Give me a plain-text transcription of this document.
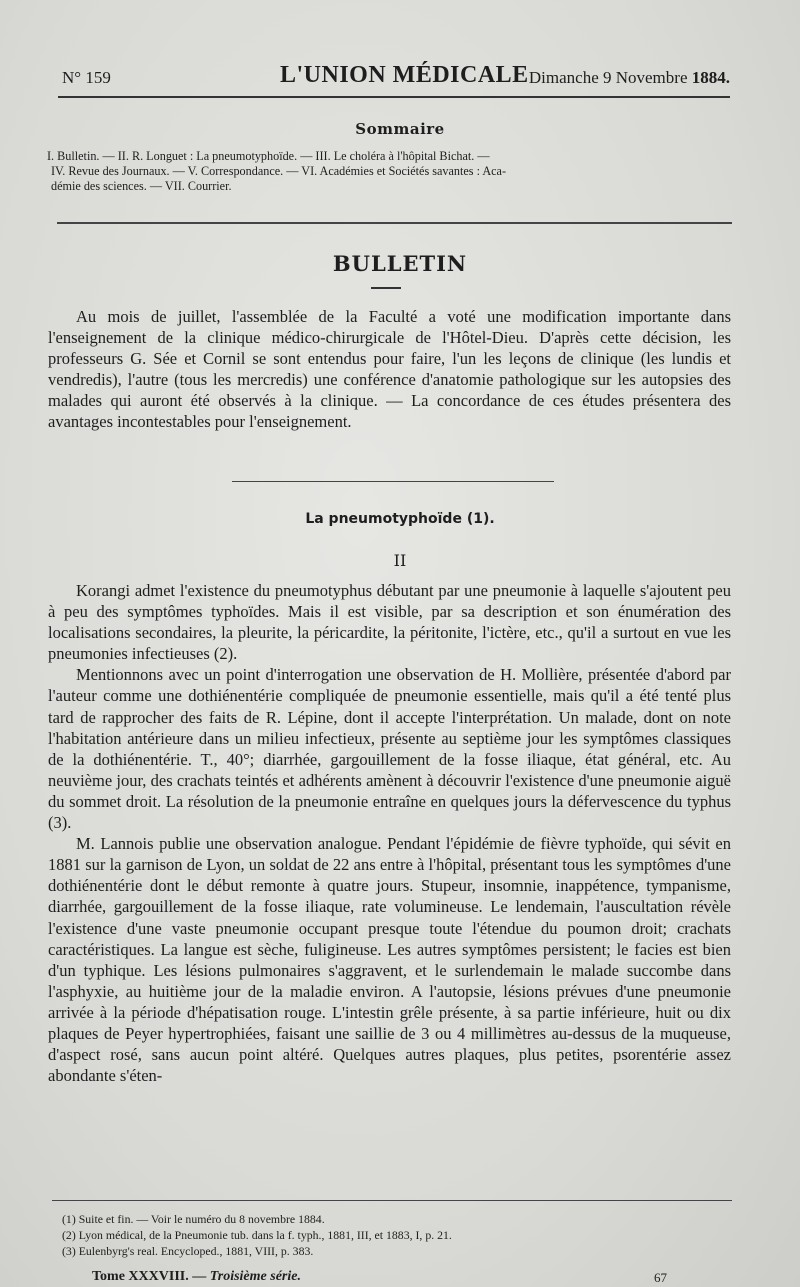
N° 159	L'UNION MÉDICALE Dimanche 9 Novembre 1884.
Sommaire
I. Bulletin. — II. R. Longuet : La pneumotyphoïde. — III. Le choléra à l'hôpital Bichat. —
IV. Revue des Journaux. — V. Correspondance. — VI. Académies et Sociétés savantes : Aca-
démie des sciences. — VII. Courrier.
BULLETIN

Au mois de juillet, l'assemblée de la Faculté a voté une modification importante dans l'enseignement de la clinique médico-chirurgicale de l'Hôtel-Dieu. D'après cette décision, les professeurs G. Sée et Cornil se sont entendus pour faire, l'un les leçons de clinique (les lundis et vendredis), l'autre (tous les mercredis) une conférence d'anatomie pathologique sur les autopsies des malades qui auront été observés à la clinique. — La concordance de ces études présentera des avantages incontestables pour l'enseignement.

La pneumotyphoïde (1).
II

Korangi admet l'existence du pneumotyphus débutant par une pneumonie à laquelle s'ajoutent peu à peu des symptômes typhoïdes. Mais il est visible, par sa description et son énumération des localisations secondaires, la pleurite, la péricardite, la péritonite, l'ictère, etc., qu'il a surtout en vue les pneumonies infectieuses (2).

Mentionnons avec un point d'interrogation une observation de H. Mollière, présentée d'abord par l'auteur comme une dothiénentérie compliquée de pneumonie essentielle, mais qu'il a été tenté plus tard de rapprocher des faits de R. Lépine, dont il accepte l'interprétation. Un malade, dont on note l'habitation antérieure dans un milieu infectieux, présente au septième jour les symptômes classiques de la dothiénentérie. T., 40°; diarrhée, gargouillement de la fosse iliaque, état général, etc. Au neuvième jour, des crachats teintés et adhérents amènent à découvrir l'existence d'une pneumonie aiguë du sommet droit. La résolution de la pneumonie entraîne en quelques jours la défervescence du typhus (3).

M. Lannois publie une observation analogue. Pendant l'épidémie de fièvre typhoïde, qui sévit en 1881 sur la garnison de Lyon, un soldat de 22 ans entre à l'hôpital, présentant tous les symptômes d'une dothiénentérie dont le début remonte à quatre jours. Stupeur, insomnie, inappétence, tympanisme, diarrhée, gargouillement de la fosse iliaque, rate volumineuse. Le lendemain, l'auscultation révèle l'existence d'une vaste pneumonie occupant presque toute l'étendue du poumon droit; crachats caractéristiques. La langue est sèche, fuligineuse. Les autres symptômes persistent; le facies est bien d'un typhique. Les lésions pulmonaires s'aggravent, et le surlendemain le malade succombe dans l'asphyxie, au huitième jour de la maladie environ. A l'autopsie, lésions prévues d'une pneumonie arrivée à la période d'hépatisation rouge. L'intestin grêle présente, à sa partie inférieure, huit ou dix plaques de Peyer hypertrophiées, faisant une saillie de 3 ou 4 millimètres au-dessus de la muqueuse, d'aspect rosé, sans aucun point altéré. Quelques autres plaques, plus petites, psorentérie assez abondante s'éten-

(1) Suite et fin. — Voir le numéro du 8 novembre 1884.
(2) Lyon médical, de la Pneumonie tub. dans la f. typh., 1881, III, et 1883, I, p. 21.
(3) Eulenbyrg's real. Encycloped., 1881, VIII, p. 383.
Tome XXXVIII. — Troisième série.	67
